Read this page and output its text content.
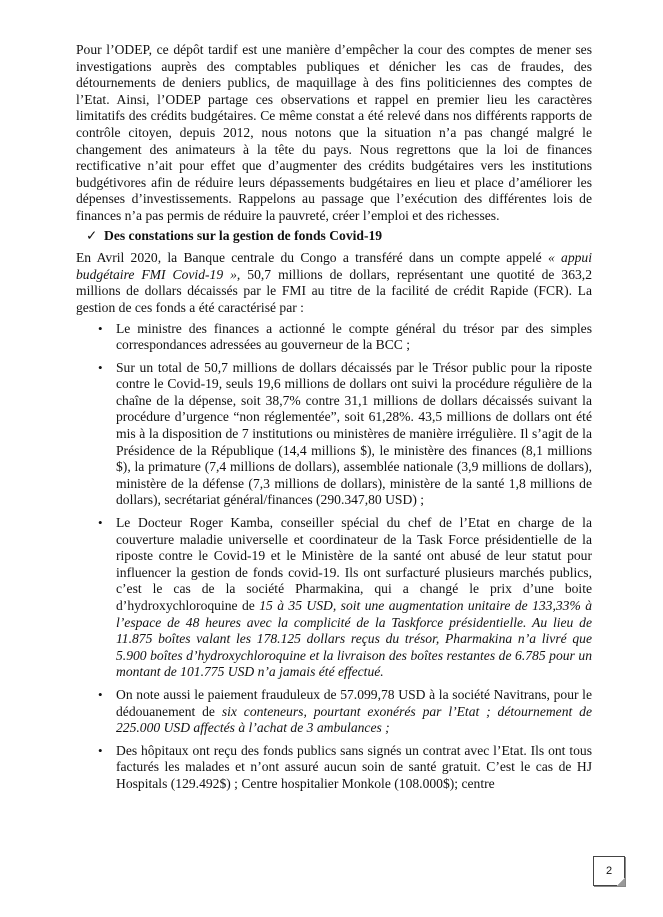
Pour l’ODEP, ce dépôt tardif est une manière d’empêcher la cour des comptes de mener ses investigations auprès des comptables publiques et dénicher les cas de fraudes, des détournements de deniers publics, de maquillage à des fins politiciennes des comptes de l’Etat. Ainsi, l’ODEP partage ces observations et rappel en premier lieu les caractères limitatifs des crédits budgétaires. Ce même constat a été relevé dans nos différents rapports de contrôle citoyen, depuis 2012, nous notons que la situation n’a pas changé malgré le changement des animateurs à la tête du pays. Nous regrettons que la loi de finances rectificative n’ait pour effet que d’augmenter des crédits budgétaires vers les institutions budgétivores afin de réduire leurs dépassements budgétaires en lieu et place d’améliorer les dépenses d’investissements. Rappelons au passage que l’exécution des différentes lois de finances n’a pas permis de réduire la pauvreté, créer l’emploi et des richesses.

✓ Des constations sur la gestion de fonds Covid-19

En Avril 2020, la Banque centrale du Congo a transféré dans un compte appelé « appui budgétaire FMI Covid-19 », 50,7 millions de dollars, représentant une quotité de 363,2 millions de dollars décaissés par le FMI au titre de la facilité de crédit Rapide (FCR). La gestion de ces fonds a été caractérisé par :

• Le ministre des finances a actionné le compte général du trésor par des simples correspondances adressées au gouverneur de la BCC ;
• Sur un total de 50,7 millions de dollars décaissés par le Trésor public pour la riposte contre le Covid-19, seuls 19,6 millions de dollars ont suivi la procédure régulière de la chaîne de la dépense, soit 38,7% contre 31,1 millions de dollars décaissés suivant la procédure d’urgence “non réglementée”, soit 61,28%. 43,5 millions de dollars ont été mis à la disposition de 7 institutions ou ministères de manière irrégulière. Il s’agit de la Présidence de la République (14,4 millions $), le ministère des finances (8,1 millions $), la primature (7,4 millions de dollars), assemblée nationale (3,9 millions de dollars), ministère de la défense (7,3 millions de dollars), ministère de la santé 1,8 millions de dollars), secrétariat général/finances (290.347,80 USD) ;
• Le Docteur Roger Kamba, conseiller spécial du chef de l’Etat en charge de la couverture maladie universelle et coordinateur de la Task Force présidentielle de la riposte contre le Covid-19 et le Ministère de la santé ont abusé de leur statut pour influencer la gestion de fonds covid-19. Ils ont surfacturé plusieurs marchés publics, c’est le cas de la société Pharmakina, qui a changé le prix d’une boite d’hydroxychloroquine de 15 à 35 USD, soit une augmentation unitaire de 133,33% à l’espace de 48 heures avec la complicité de la Taskforce présidentielle. Au lieu de 11.875 boîtes valant les 178.125 dollars reçus du trésor, Pharmakina n’a livré que 5.900 boîtes d’hydroxychloroquine et la livraison des boîtes restantes de 6.785 pour un montant de 101.775 USD n’a jamais été effectué.
• On note aussi le paiement frauduleux de 57.099,78 USD à la société Navitrans, pour le dédouanement de six conteneurs, pourtant exonérés par l’Etat ; détournement de 225.000 USD affectés à l’achat de 3 ambulances ;
• Des hôpitaux ont reçu des fonds publics sans signés un contrat avec l’Etat. Ils ont tous facturés les malades et n’ont assuré aucun soin de santé gratuit. C’est le cas de HJ Hospitals (129.492$) ; Centre hospitalier Monkole (108.000$); centre
2
